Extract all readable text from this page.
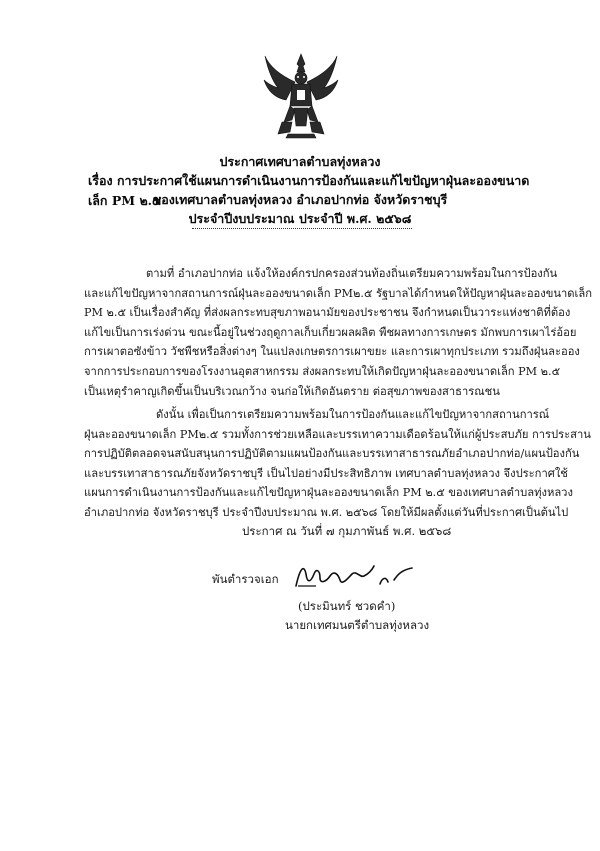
ประกาศเทศบาลตำบลทุ่งหลวง
เรื่อง การประกาศใช้แผนการดำเนินงานการป้องกันและแก้ไขปัญหาฝุ่นละอองขนาดเล็ก PM ๒.๕
ของเทศบาลตำบลทุ่งหลวง อำเภอปากท่อ จังหวัดราชบุรี
ประจำปีงบประมาณ ประจำปี พ.ศ. ๒๕๖๘
ตามที่ อำเภอปากท่อ แจ้งให้องค์กรปกครองส่วนท้องถิ่นเตรียมความพร้อมในการป้องกัน
และแก้ไขปัญหาจากสถานการณ์ฝุ่นละอองขนาดเล็ก PM๒.๕ รัฐบาลได้กำหนดให้ปัญหาฝุ่นละอองขนาดเล็ก
PM ๒.๕ เป็นเรื่องสำคัญ ที่ส่งผลกระทบสุขภาพอนามัยของประชาชน จึงกำหนดเป็นวาระแห่งชาติที่ต้อง
แก้ไขเป็นการเร่งด่วน ขณะนี้อยู่ในช่วงฤดูกาลเก็บเกี่ยวผลผลิต พืชผลทางการเกษตร มักพบการเผาไร่อ้อย
การเผาตอซังข้าว วัชพืชหรือสิ่งต่างๆ ในแปลงเกษตรการเผาขยะ และการเผาทุกประเภท รวมถึงฝุ่นละออง
จากการประกอบการของโรงงานอุตสาหกรรม ส่งผลกระทบให้เกิดปัญหาฝุ่นละอองขนาดเล็ก PM ๒.๕
เป็นเหตุรำคาญเกิดขึ้นเป็นบริเวณกว้าง จนก่อให้เกิดอันตราย ต่อสุขภาพของสาธารณชน
ดังนั้น เพื่อเป็นการเตรียมความพร้อมในการป้องกันและแก้ไขปัญหาจากสถานการณ์
ฝุ่นละอองขนาดเล็ก PM๒.๕ รวมทั้งการช่วยเหลือและบรรเทาความเดือดร้อนให้แก่ผู้ประสบภัย การประสาน
การปฏิบัติตลอดจนสนับสนุนการปฏิบัติตามแผนป้องกันและบรรเทาสาธารณภัยอำเภอปากท่อ/แผนป้องกัน
และบรรเทาสาธารณภัยจังหวัดราชบุรี เป็นไปอย่างมีประสิทธิภาพ เทศบาลตำบลทุ่งหลวง จึงประกาศใช้
แผนการดำเนินงานการป้องกันและแก้ไขปัญหาฝุ่นละอองขนาดเล็ก PM ๒.๕ ของเทศบาลตำบลทุ่งหลวง
อำเภอปากท่อ จังหวัดราชบุรี ประจำปีงบประมาณ พ.ศ. ๒๕๖๘ โดยให้มีผลตั้งแต่วันที่ประกาศเป็นต้นไป
ประกาศ ณ วันที่ ๗ กุมภาพันธ์ พ.ศ. ๒๕๖๘
พันตำรวจเอก
(ประมินทร์ ชวดคำ)
นายกเทศมนตรีตำบลทุ่งหลวง
